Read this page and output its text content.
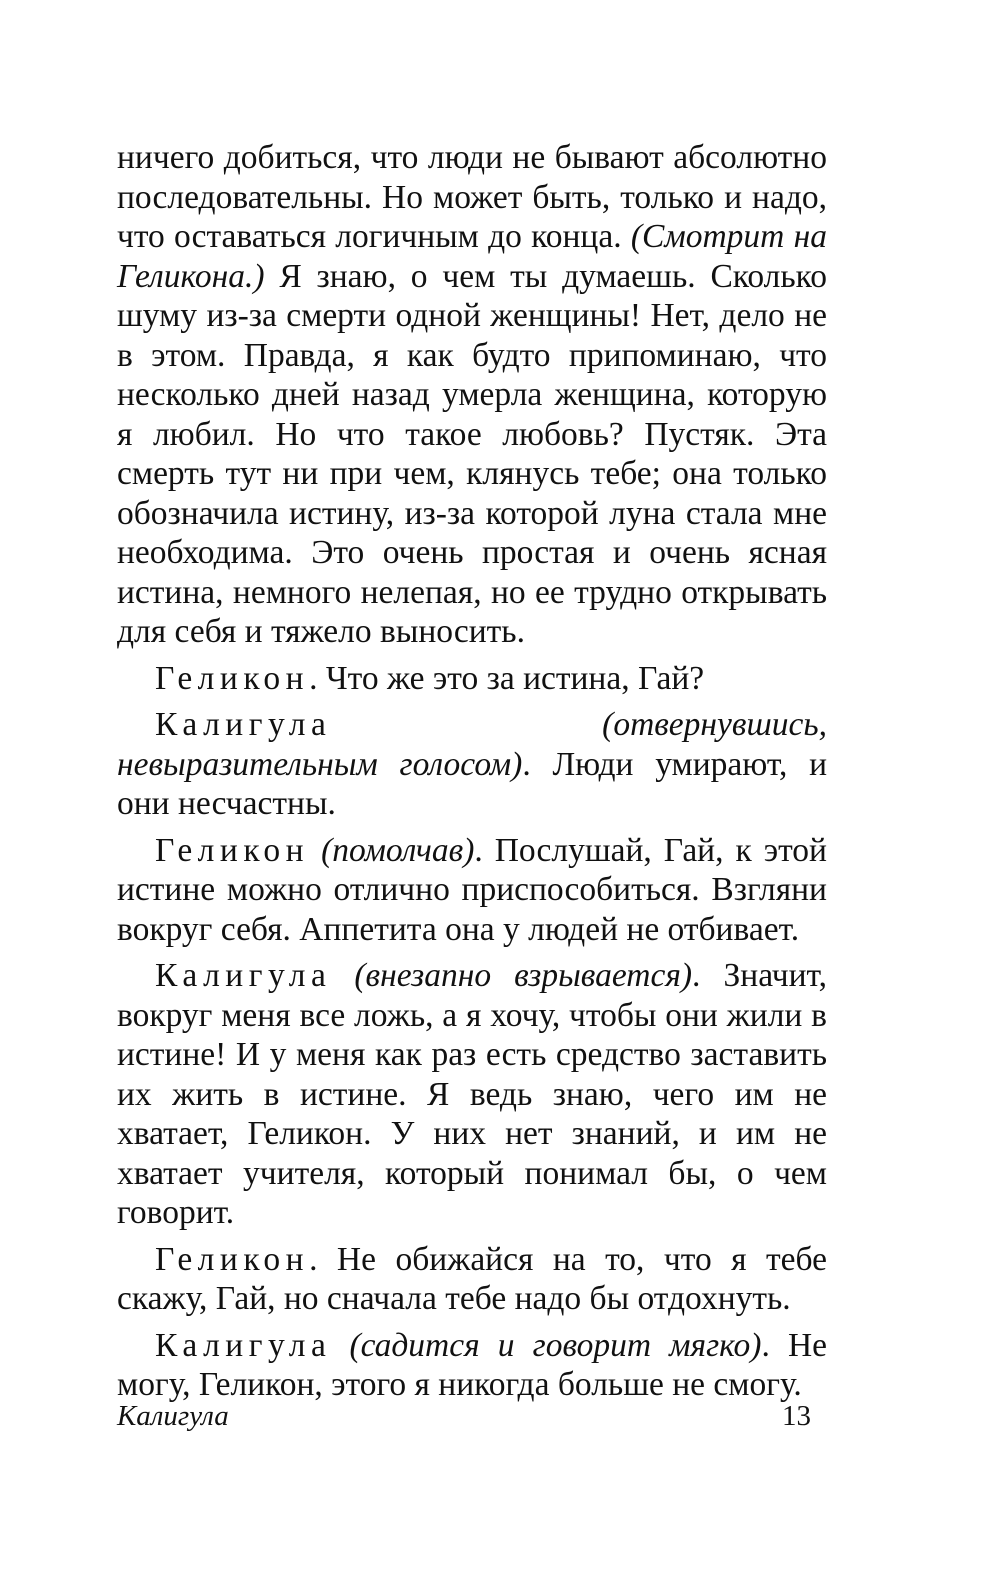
ничего добиться, что люди не бывают абсолютно последовательны. Но может быть, только и надо, что оставаться логичным до конца. (Смотрит на Геликона.) Я знаю, о чем ты думаешь. Сколько шуму из-за смерти одной женщины! Нет, дело не в этом. Правда, я как будто припоминаю, что несколько дней назад умерла женщина, которую я любил. Но что такое любовь? Пустяк. Эта смерть тут ни при чем, клянусь тебе; она только обозначила истину, из-за которой луна стала мне необходима. Это очень простая и очень ясная истина, немного нелепая, но ее трудно открывать для себя и тяжело выносить.

Геликон. Что же это за истина, Гай?

Калигула	(отвернувшись, невыразительным голосом). Люди умирают, и они несчастны.

Геликон (помолчав). Послушай, Гай, к этой истине можно отлично приспособиться. Взгляни вокруг себя. Аппетита она у людей не отбивает.

Калигула (внезапно взрывается). Значит, вокруг меня все ложь, а я хочу, чтобы они жили в истине! И у меня как раз есть средство заставить их жить в истине. Я ведь знаю, чего им не хватает, Геликон. У них нет знаний, и им не хватает учителя, который понимал бы, о чем говорит.

Геликон. Не обижайся на то, что я тебе скажу, Гай, но сначала тебе надо бы отдохнуть.

Калигула (садится и говорит мягко). Не могу, Геликон, этого я никогда больше не смогу.

Калигула	13
